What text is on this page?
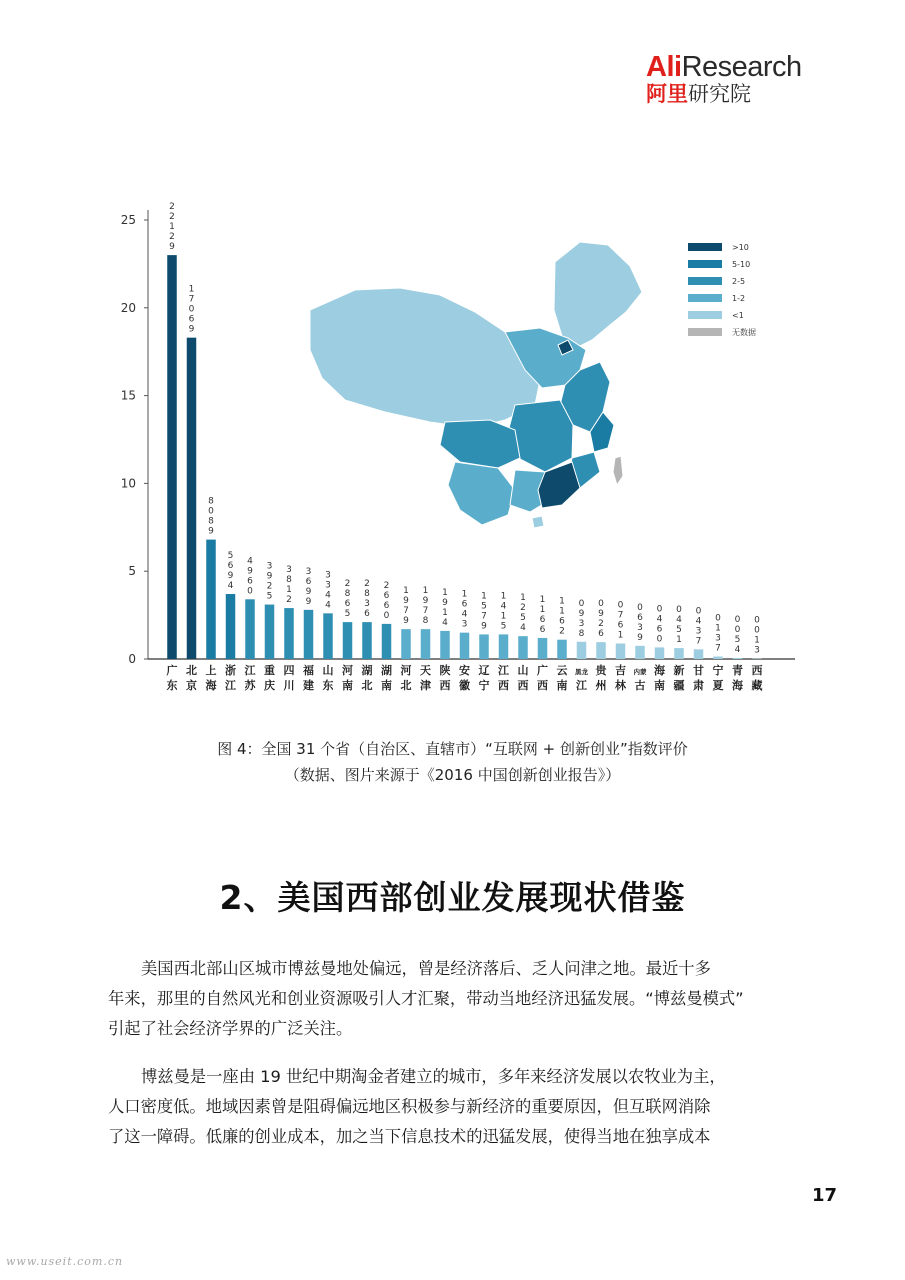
AliResearch
阿里研究院
0
5
10
15
20
25
>10
5-10
2-5
1-2
<1
无数据
2
2
1
2
9
1
7
0
6
9
8
0
8
9
5
6
9
4
4
9
6
0
3
9
2
5
3
8
1
2
3
6
9
9
3
3
4
4
2
8
6
5
2
8
3
6
2
6
6
0
1
9
7
9
1
9
7
8
1
9
1
4
1
6
4
3
1
5
7
9
1
4
1
5
1
2
5
4
1
1
6
6
1
1
6
2
0
9
3
8
0
9
2
6
0
7
6
1
0
6
3
9
0
4
6
0
0
4
5
1
0
4
3
7
0
1
3
7
0
0
5
4
0
0
1
3
广
东
北
京
上
海
浙
江
江
苏
重
庆
四
川
福
建
山
东
河
南
湖
北
湖
南
河
北
天
津
陕
西
安
徽
辽
宁
江
西
山
西
广
西
云
南
黑龙
江
贵
州
吉
林
内蒙
古
海
南
新
疆
甘
肃
宁
夏
青
海
西
藏
图 4：全国 31 个省（自治区、直辖市）“互联网 + 创新创业”指数评价
（数据、图片来源于《2016 中国创新创业报告》）
2、美国西部创业发展现状借鉴
美国西北部山区城市博兹曼地处偏远，曾是经济落后、乏人问津之地。最近十多
年来，那里的自然风光和创业资源吸引人才汇聚，带动当地经济迅猛发展。“博兹曼模式”
引起了社会经济学界的广泛关注。
博兹曼是一座由 19 世纪中期淘金者建立的城市，多年来经济发展以农牧业为主，
人口密度低。地域因素曾是阻碍偏远地区积极参与新经济的重要原因，但互联网消除
了这一障碍。低廉的创业成本，加之当下信息技术的迅猛发展，使得当地在独享成本
17
www.useit.com.cn
